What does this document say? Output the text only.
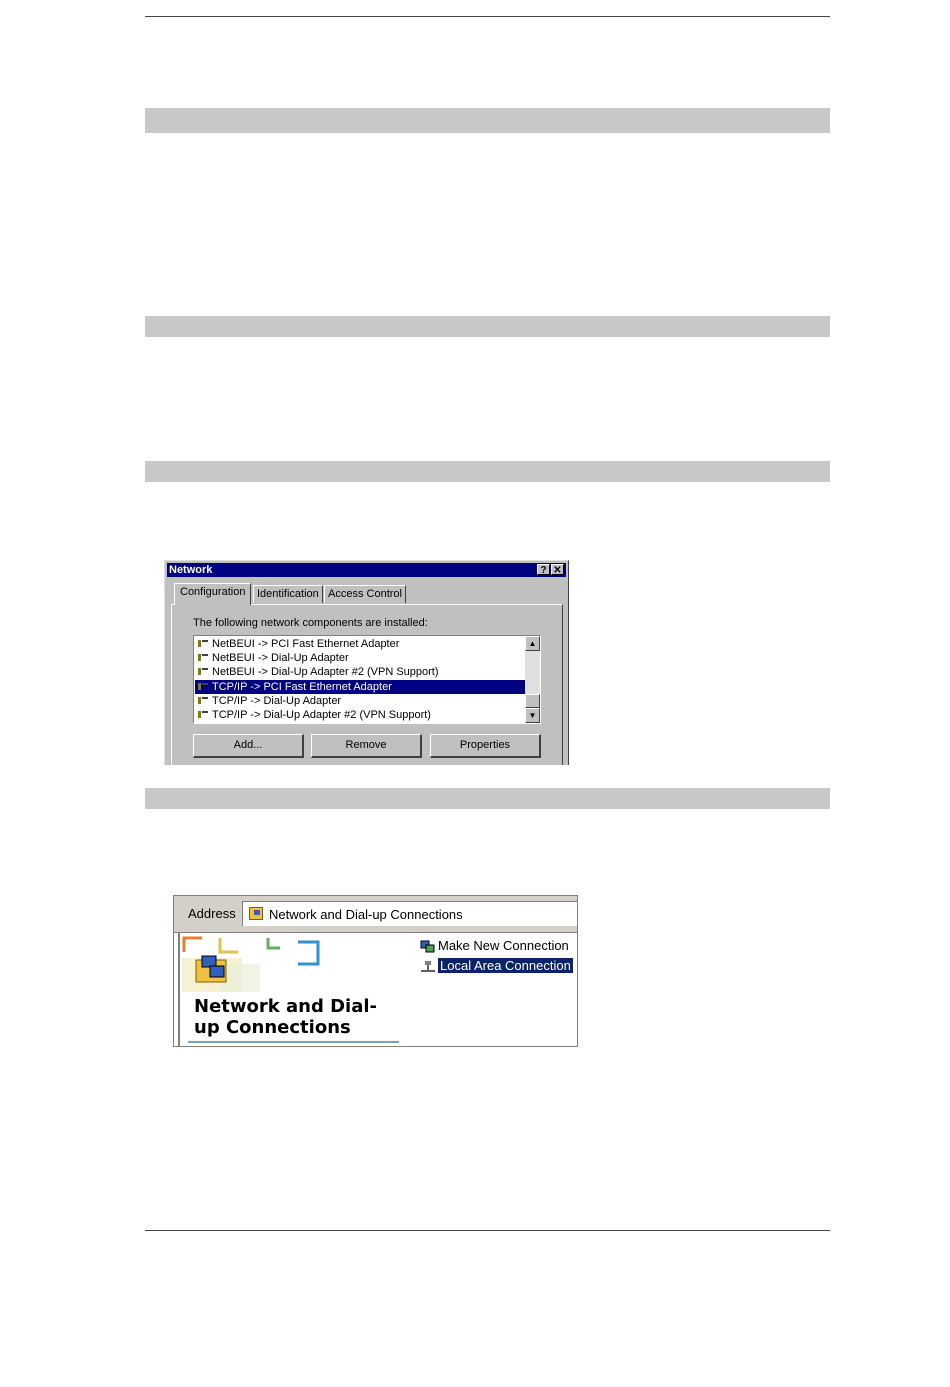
Network	? ✕
Configuration	Identification Access Control
The following network components are installed:
NetBEUI -> PCI Fast Ethernet Adapter
NetBEUI -> Dial-Up Adapter
NetBEUI -> Dial-Up Adapter #2 (VPN Support)
TCP/IP -> PCI Fast Ethernet Adapter
TCP/IP -> Dial-Up Adapter
TCP/IP -> Dial-Up Adapter #2 (VPN Support)
▲
▼
Add...	Remove	Properties
Address	Network and Dial-up Connections
Network and Dial-
up Connections
Make New Connection
Local Area Connection
